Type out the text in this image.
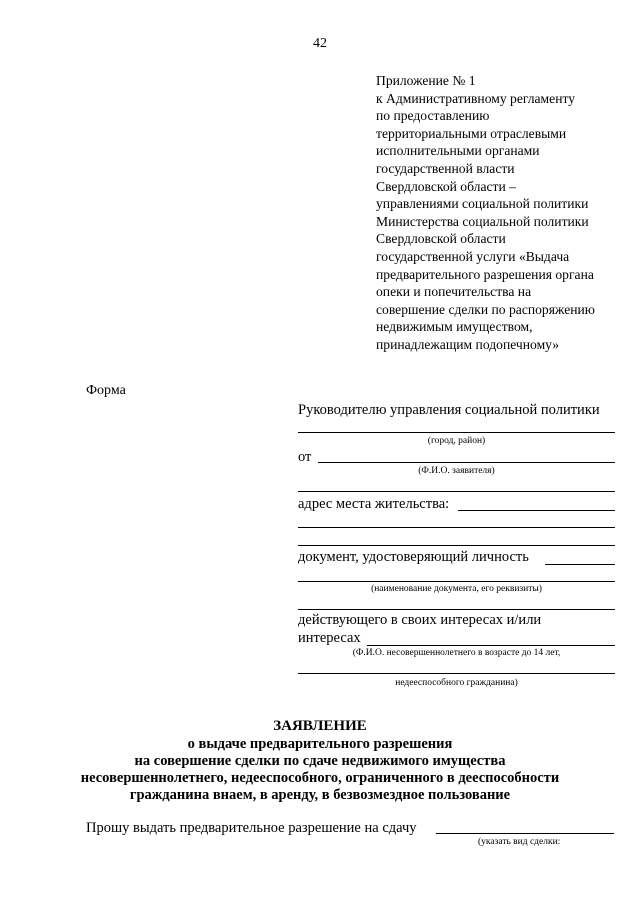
42
Приложение № 1
к Административному регламенту
по предоставлению
территориальными отраслевыми
исполнительными органами
государственной власти
Свердловской области –
управлениями социальной политики
Министерства социальной политики
Свердловской области
государственной услуги «Выдача
предварительного разрешения органа
опеки и попечительства на
совершение сделки по распоряжению
недвижимым имуществом,
принадлежащим подопечному»
Форма
Руководителю управления социальной политики
(город, район)
от
(Ф.И.О. заявителя)
адрес места жительства:
документ, удостоверяющий личность
(наименование документа, его реквизиты)
действующего в своих интересах и/или
интересах
(Ф.И.О. несовершеннолетнего в возрасте до 14 лет,
недееспособного гражданина)
ЗАЯВЛЕНИЕ
о выдаче предварительного разрешения
на совершение сделки по сдаче недвижимого имущества
несовершеннолетнего, недееспособного, ограниченного в дееспособности
гражданина внаем, в аренду, в безвозмездное пользование
Прошу выдать предварительное разрешение на сдачу
(указать вид сделки:
